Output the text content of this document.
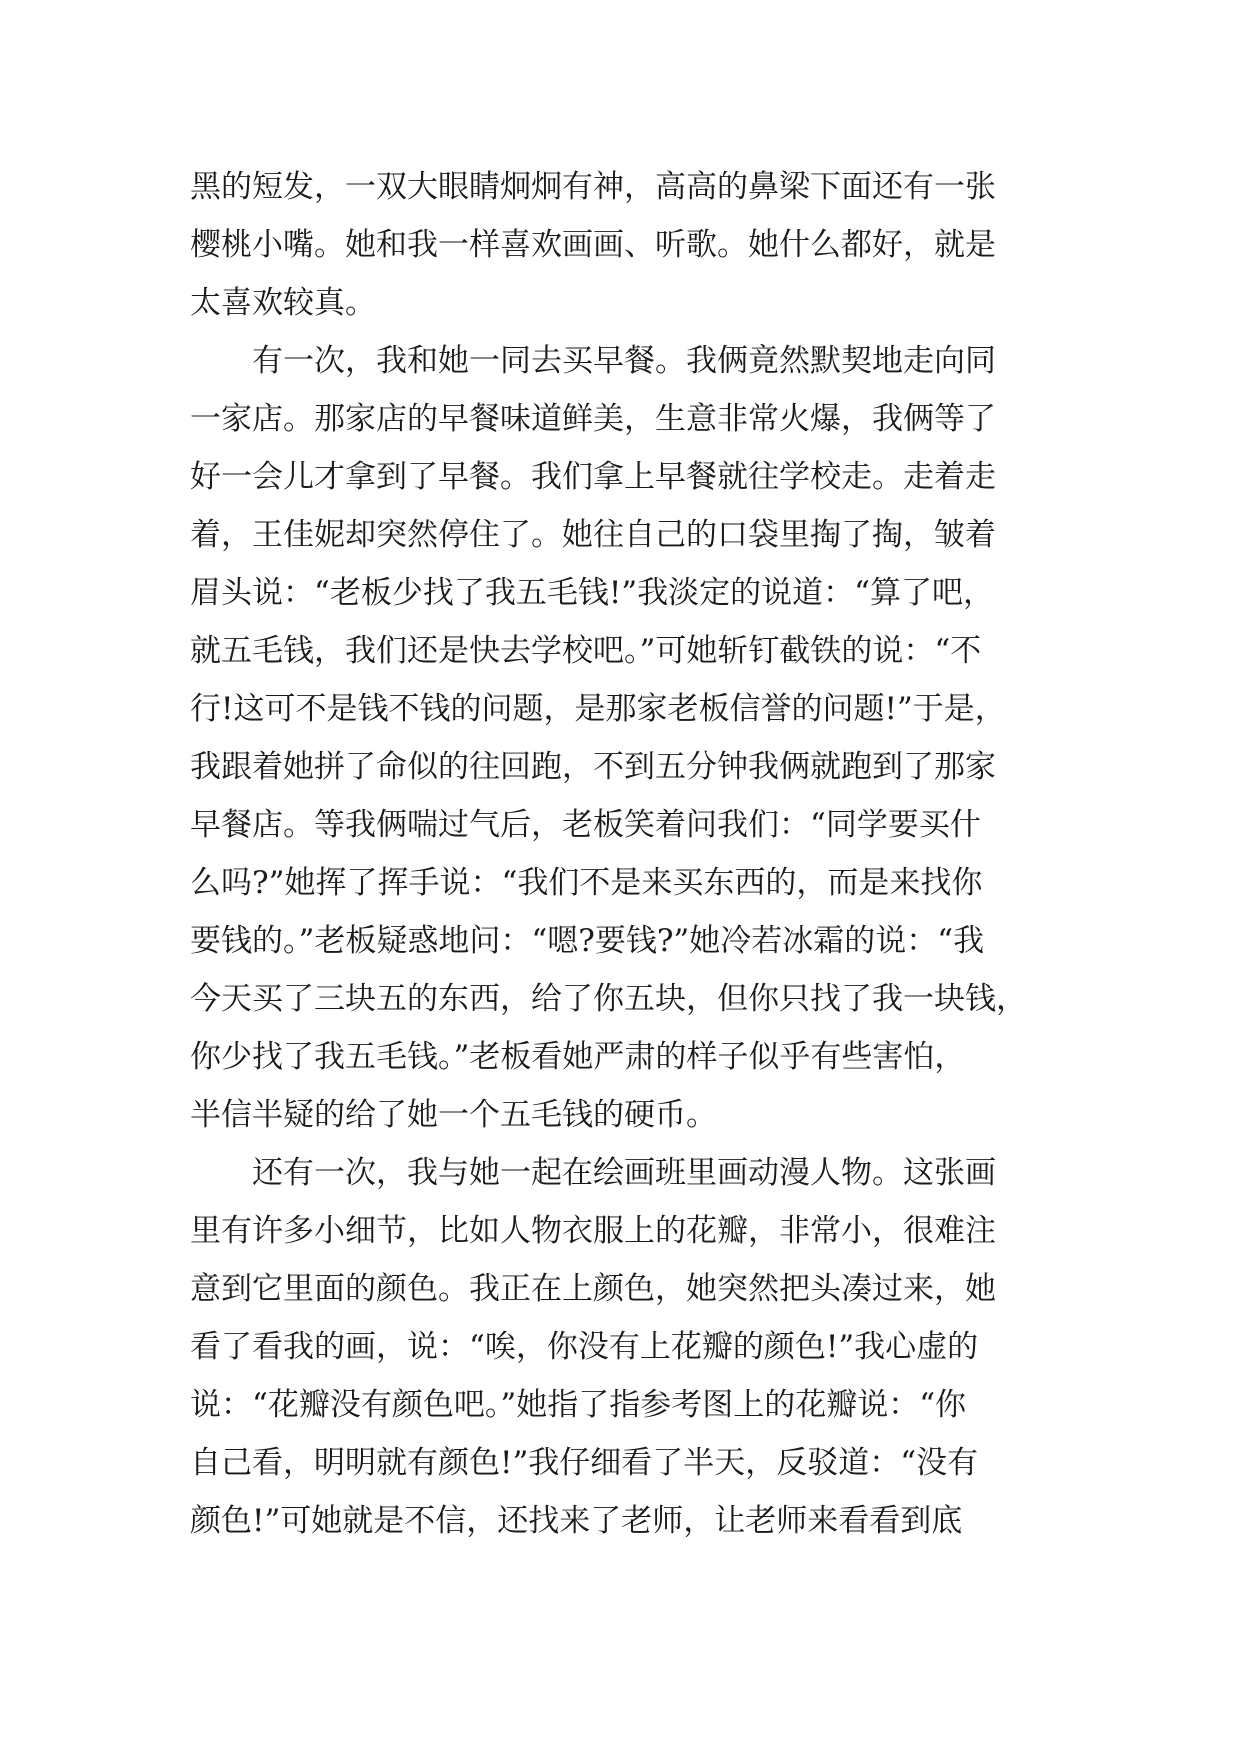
黑的短发，一双大眼睛炯炯有神，高高的鼻梁下面还有一张
樱桃小嘴。她和我一样喜欢画画、听歌。她什么都好，就是
太喜欢较真。
　　有一次，我和她一同去买早餐。我俩竟然默契地走向同
一家店。那家店的早餐味道鲜美，生意非常火爆，我俩等了
好一会儿才拿到了早餐。我们拿上早餐就往学校走。走着走
着，王佳妮却突然停住了。她往自己的口袋里掏了掏，皱着
眉头说：“老板少找了我五毛钱!”我淡定的说道：“算了吧，
就五毛钱，我们还是快去学校吧。”可她斩钉截铁的说：“不
行!这可不是钱不钱的问题，是那家老板信誉的问题!”于是，
我跟着她拼了命似的往回跑，不到五分钟我俩就跑到了那家
早餐店。等我俩喘过气后，老板笑着问我们：“同学要买什
么吗?”她挥了挥手说：“我们不是来买东西的，而是来找你
要钱的。”老板疑惑地问：“嗯?要钱?”她冷若冰霜的说：“我
今天买了三块五的东西，给了你五块，但你只找了我一块钱，
你少找了我五毛钱。”老板看她严肃的样子似乎有些害怕，
半信半疑的给了她一个五毛钱的硬币。
　　还有一次，我与她一起在绘画班里画动漫人物。这张画
里有许多小细节，比如人物衣服上的花瓣，非常小，很难注
意到它里面的颜色。我正在上颜色，她突然把头凑过来，她
看了看我的画，说：“唉，你没有上花瓣的颜色!”我心虚的
说：“花瓣没有颜色吧。”她指了指参考图上的花瓣说：“你
自己看，明明就有颜色!”我仔细看了半天，反驳道：“没有
颜色!”可她就是不信，还找来了老师，让老师来看看到底
